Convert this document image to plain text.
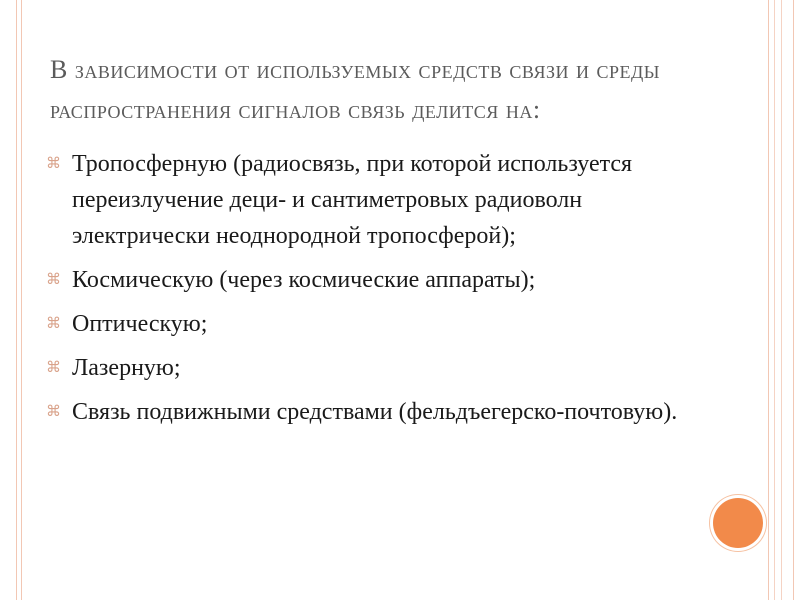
В зависимости от используемых средств связи и среды распространения сигналов связь делится на:
⌘ Тропосферную (радиосвязь, при которой используется переизлучение деци- и сантиметровых радиоволн электрически неоднородной тропосферой);
⌘ Космическую (через космические аппараты);
⌘ Оптическую;
⌘ Лазерную;
⌘ Связь подвижными средствами (фельдъегерско-почтовую).
